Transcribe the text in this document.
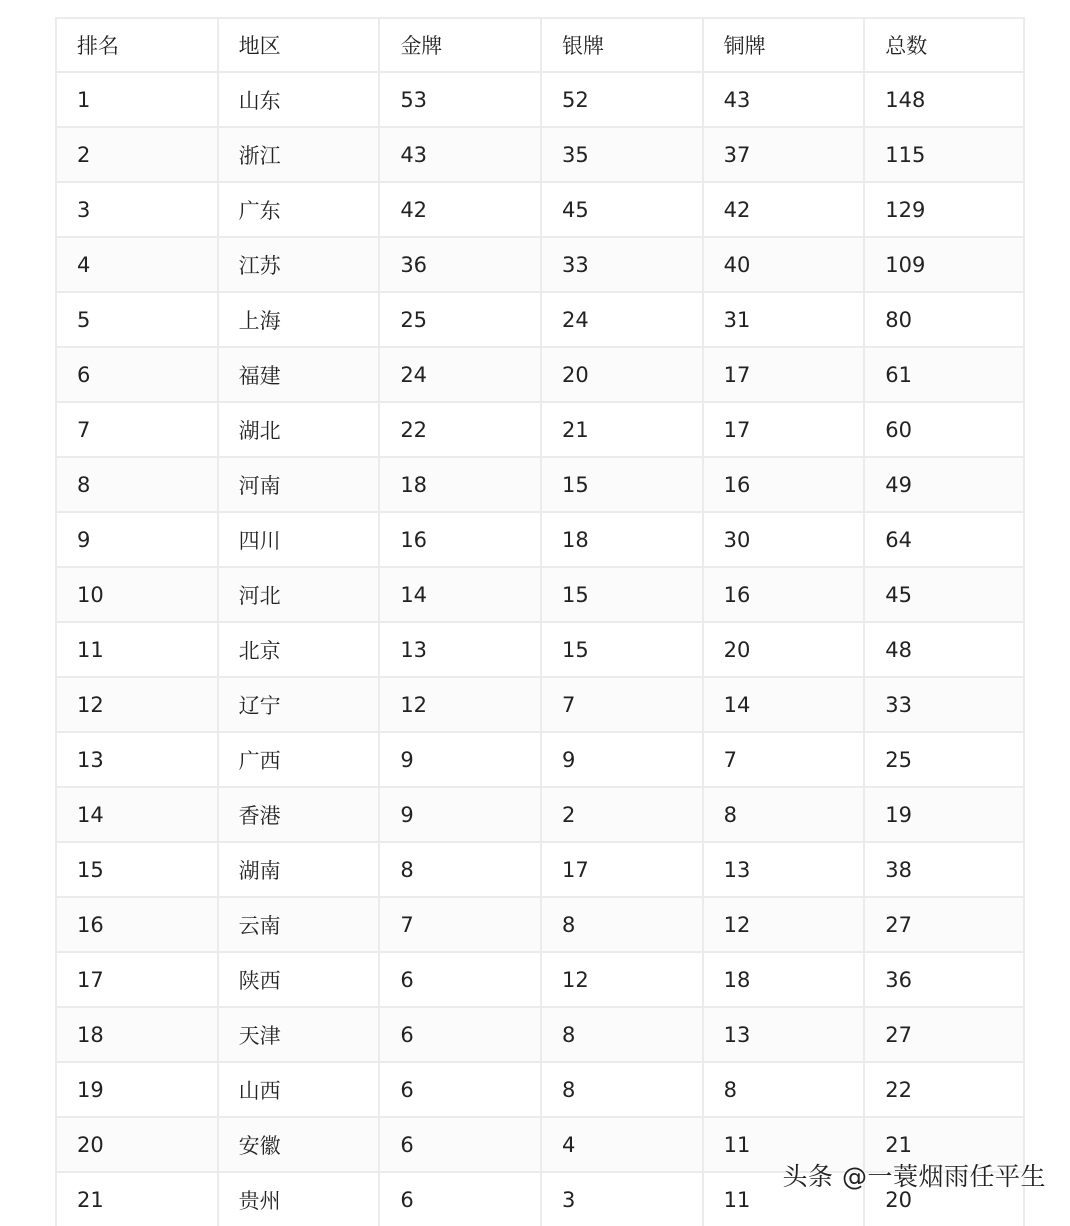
排名	地区	金牌	银牌	铜牌	总数
1	山东	53	52	43	148
2	浙江	43	35	37	115
3	广东	42	45	42	129
4	江苏	36	33	40	109
5	上海	25	24	31	80
6	福建	24	20	17	61
7	湖北	22	21	17	60
8	河南	18	15	16	49
9	四川	16	18	30	64
10	河北	14	15	16	45
11	北京	13	15	20	48
12	辽宁	12	7	14	33
13	广西	9	9	7	25
14	香港	9	2	8	19
15	湖南	8	17	13	38
16	云南	7	8	12	27
17	陕西	6	12	18	36
18	天津	6	8	13	27
19	山西	6	8	8	22
20	安徽	6	4	11	21
21	贵州	6	3	11	20
头条 @一蓑烟雨任平生
